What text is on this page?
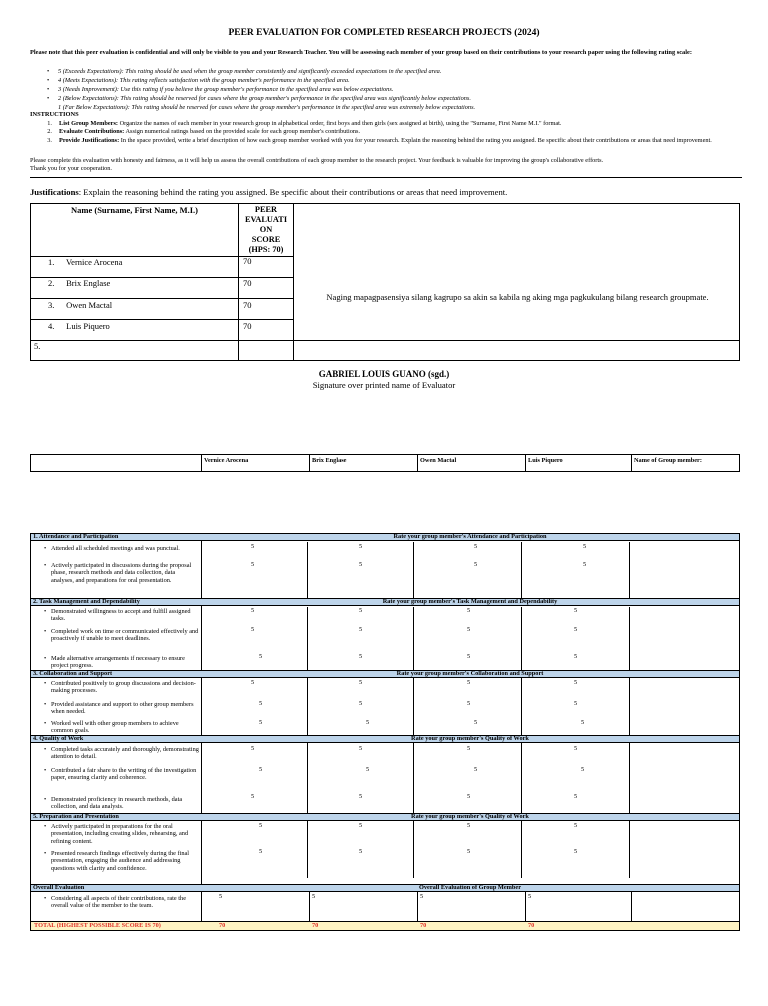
PEER EVALUATION FOR COMPLETED RESEARCH PROJECTS (2024)
Please note that this peer evaluation is confidential and will only be visible to you and your Research Teacher. You will be assessing each member of your group based on their contributions to your research paper using the following rating scale:
• 5 (Exceeds Expectations): This rating should be used when the group member consistently and significantly exceeded expectations in the specified area.
• 4 (Meets Expectations): This rating reflects satisfaction with the group member's performance in the specified area.
• 3 (Needs Improvement): Use this rating if you believe the group member's performance in the specified area was below expectations.
• 2 (Below Expectations): This rating should be reserved for cases where the group member's performance in the specified area was significantly below expectations.
1 (Far Below Expectations): This rating should be reserved for cases where the group member's performance in the specified area was extremely below expectations.
INSTRUCTIONS
1.	List Group Members: Organize the names of each member in your research group in alphabetical order, first boys and then girls (sex assigned at birth), using the "Surname, First Name M.I." format.
2.	Evaluate Contributions: Assign numerical ratings based on the provided scale for each group member's contributions.
3.	Provide Justifications: In the space provided, write a brief description of how each group member worked with you for your research. Explain the reasoning behind the rating you assigned. Be specific about their contributions or areas that need improvement.
Please complete this evaluation with honesty and fairness, as it will help us assess the overall contributions of each group member to the research project. Your feedback is valuable for improving the group's collaborative efforts.
Thank you for your cooperation.
Justifications: Explain the reasoning behind the rating you assigned. Be specific about their contributions or areas that need improvement.
Name (Surname, First Name, M.I.)	PEER
EVALUATI
ON
SCORE
(HPS: 70)
1. Vernice Arocena	70
2. Brix Englase	70
3. Owen Mactal	70
4. Luis Piquero	70
Naging mapagpasensiya silang kagrupo sa akin sa kabila ng aking mga pagkukulang bilang research groupmate.
5.
GABRIEL LOUIS GUANO (sgd.)
Signature over printed name of Evaluator
Vernice Arocena	Brix Englase	Owen Mactal	Luis Piquero	Name of Group member:
1. Attendance and Participation	Rate your group member's Attendance and Participation
• Attended all scheduled meetings and was punctual.	5	5	5	5
• Actively participated in discussions during the proposal phase, research methods and data collection, data analyses, and preparations for oral presentation.
5	5	5	5
2. Task Management and Dependability	Rate your group member's Task Management and Dependability
• Demonstrated willingness to accept and fulfill assigned tasks.
5	5	5	5
• Completed work on time or communicated effectively and proactively if unable to meet deadlines.
5	5	5	5
• Made alternative arrangements if necessary to ensure project progress.
5	5	5	5
3. Collaboration and Support	Rate your group member's Collaboration and Support
• Contributed positively to group discussions and decision-making processes.
5	5	5	5
• Provided assistance and support to other group members when needed.
5	5	5	5
• Worked well with other group members to achieve common goals.
5	5	5	5
4. Quality of Work	Rate your group member's Quality of Work
• Completed tasks accurately and thoroughly, demonstrating attention to detail.
5	5	5	5
• Contributed a fair share to the writing of the investigation paper, ensuring clarity and coherence.
5	5	5	5
• Demonstrated proficiency in research methods, data collection, and data analysis.
5	5	5	5
5. Preparation and Presentation	Rate your group member's Quality of Work
• Actively participated in preparations for the oral presentation, including creating slides, rehearsing, and refining content.
5	5	5	5
• Presented research findings effectively during the final presentation, engaging the audience and addressing questions with clarity and confidence.
5	5	5	5
Overall Evaluation	Overall Evaluation of Group Member
• Considering all aspects of their contributions, rate the overall value of the member to the team.
5	5	5	5
TOTAL (HIGHEST POSSIBLE SCORE IS 70)	70	70	70	70
